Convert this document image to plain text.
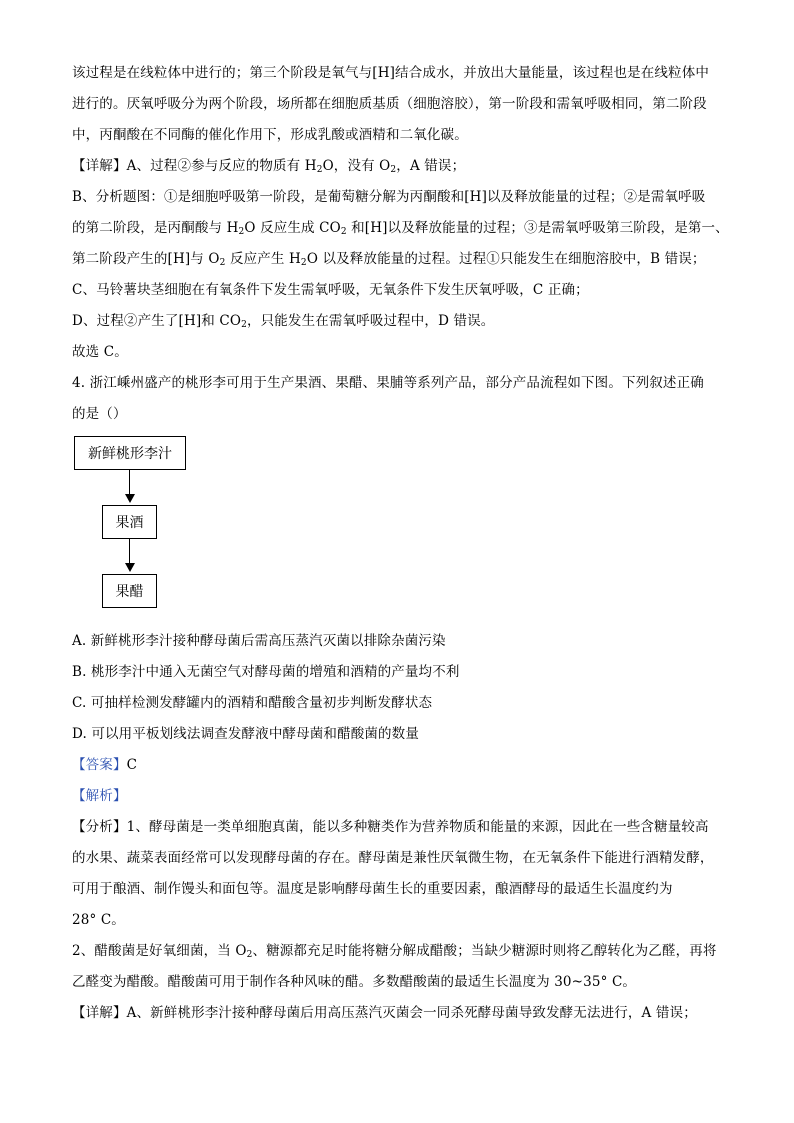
该过程是在线粒体中进行的；第三个阶段是氧气与[H]结合成水，并放出大量能量，该过程也是在线粒体中
进行的。厌氧呼吸分为两个阶段，场所都在细胞质基质（细胞溶胶），第一阶段和需氧呼吸相同，第二阶段
中，丙酮酸在不同酶的催化作用下，形成乳酸或酒精和二氧化碳。
【详解】A、过程②参与反应的物质有 $H_2O$，没有 $O_2$，A 错误；
B、分析题图：①是细胞呼吸第一阶段，是葡萄糖分解为丙酮酸和[H]以及释放能量的过程；②是需氧呼吸
的第二阶段，是丙酮酸与 $H_2O$ 反应生成 $CO_2$ 和[H]以及释放能量的过程；③是需氧呼吸第三阶段，是第一、
第二阶段产生的[H]与 $O_2$ 反应产生 $H_2O$ 以及释放能量的过程。过程①只能发生在细胞溶胶中，B 错误；
C、马铃薯块茎细胞在有氧条件下发生需氧呼吸，无氧条件下发生厌氧呼吸，C 正确；
D、过程②产生了[H]和 $CO_2$，只能发生在需氧呼吸过程中，D 错误。
故选 C。
4. 浙江嵊州盛产的桃形李可用于生产果酒、果醋、果脯等系列产品，部分产品流程如下图。下列叙述正确
的是（）
新鲜桃形李汁
果酒
果醋
A. 新鲜桃形李汁接种酵母菌后需高压蒸汽灭菌以排除杂菌污染
B. 桃形李汁中通入无菌空气对酵母菌的增殖和酒精的产量均不利
C. 可抽样检测发酵罐内的酒精和醋酸含量初步判断发酵状态
D. 可以用平板划线法调查发酵液中酵母菌和醋酸菌的数量
【答案】C
【解析】
【分析】1、酵母菌是一类单细胞真菌，能以多种糖类作为营养物质和能量的来源，因此在一些含糖量较高
的水果、蔬菜表面经常可以发现酵母菌的存在。酵母菌是兼性厌氧微生物，在无氧条件下能进行酒精发酵，
可用于酿酒、制作馒头和面包等。温度是影响酵母菌生长的重要因素，酿酒酵母的最适生长温度约为
28° C。
2、醋酸菌是好氧细菌，当 $O_2$、糖源都充足时能将糖分解成醋酸；当缺少糖源时则将乙醇转化为乙醛，再将
乙醛变为醋酸。醋酸菌可用于制作各种风味的醋。多数醋酸菌的最适生长温度为 30~35° C。
【详解】A、新鲜桃形李汁接种酵母菌后用高压蒸汽灭菌会一同杀死酵母菌导致发酵无法进行，A 错误；
